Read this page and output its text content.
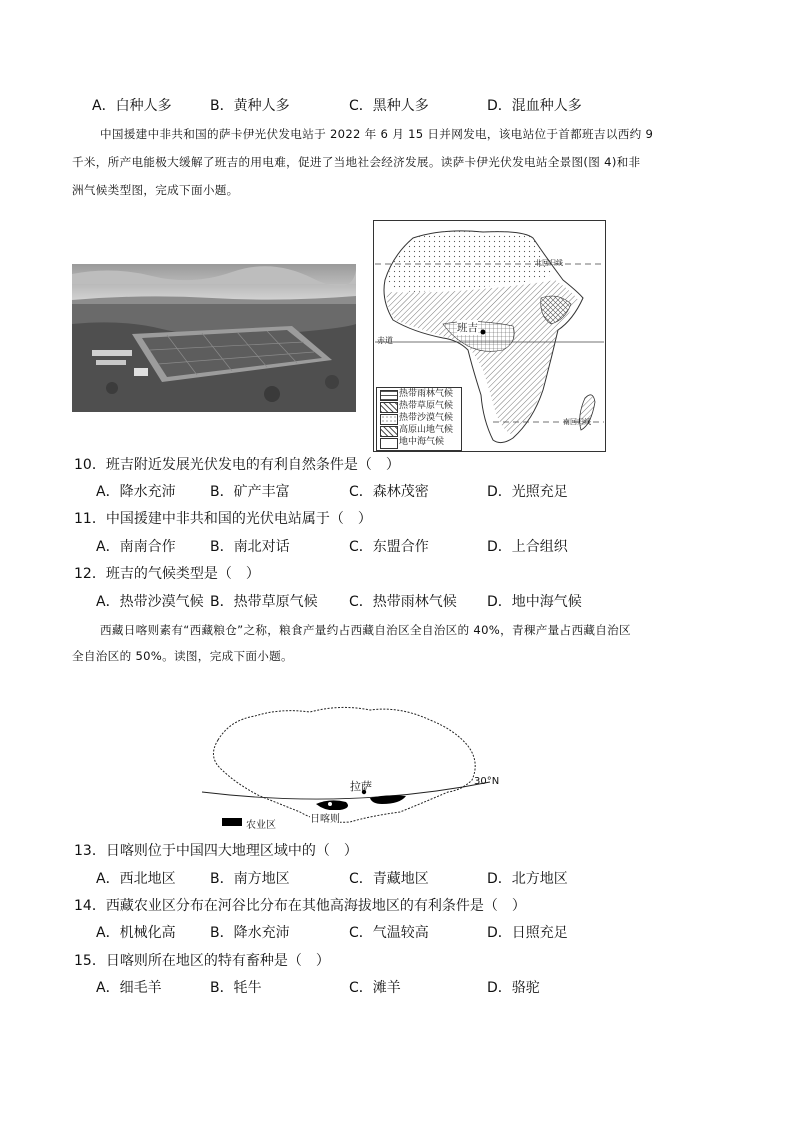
A．白种人多	B．黄种人多	C．黑种人多	D．混血种人多
中国援建中非共和国的萨卡伊光伏发电站于 2022 年 6 月 15 日并网发电，该电站位于首都班吉以西约 9
千米，所产电能极大缓解了班吉的用电难，促进了当地社会经济发展。读萨卡伊光伏发电站全景图(图 4)和非
洲气候类型图，完成下面小题。
班吉
赤道
北回归线
南回归线
热带雨林气候
热带草原气候
热带沙漠气候
高原山地气候
地中海气候
10．班吉附近发展光伏发电的有利自然条件是（　）
A．降水充沛 B．矿产丰富	C．森林茂密	D．光照充足
11．中国援建中非共和国的光伏电站属于（　）
A．南南合作 B．南北对话	C．东盟合作	D．上合组织
12．班吉的气候类型是（　）
A．热带沙漠气候 B．热带草原气候 C．热带雨林气候 D．地中海气候
西藏日喀则素有“西藏粮仓”之称，粮食产量约占西藏自治区全自治区的 40%，青稞产量占西藏自治区
全自治区的 50%。读图，完成下面小题。
拉萨
日喀则
30°N
农业区
13．日喀则位于中国四大地理区域中的（　）
A．西北地区 B．南方地区	C．青藏地区	D．北方地区
14．西藏农业区分布在河谷比分布在其他高海拔地区的有利条件是（　）
A．机械化高 B．降水充沛	C．气温较高	D．日照充足
15．日喀则所在地区的特有畜种是（　）
A．细毛羊	B．牦牛	C．滩羊	D．骆驼
